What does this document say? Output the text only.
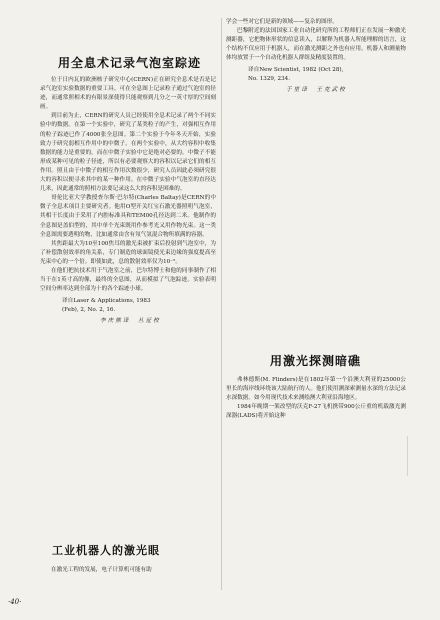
用全息术记录气泡室踪迹

位于日内瓦的欧洲核子研究中心(CERN)正在研究全息术是否是记录气泡室实验数据的重要工具。可在全息图上记录粒子通过气泡室的径迹，而通常照相术的有限景深使得只能观察到几分之一英寸厚的空间刻画。

到目前为止，CERN的研究人员已经使用全息术记录了两个不同实验中的数据。在第一个实验中，研究了某类粒子的产生，对强相互作用的粒子踪迹已作了4000张全息图。第二个实验于今年冬天开始，实验致力于研究弱相互作用中的中微子。在两个实验中，从大约容积中收集数据的能力是重要的，而在中微子实验中它是绝对必要的。中微子不能形成某种可见的粒子径迹，所以有必要观察大的容积以记录它们的相互作用。照且由于中微子的相互作用次数很少，研究人员因此必须研究很大的容积以便寻求其中的某一种作用。在中微子实验中气泡室的直径达几米，因此通常的照相方法要记录这么大的容积是困难的。

哥伦比亚大学教授查尔斯·巴尔特(Charles Baltay)是CERN的中微子全息术项目主要研究者。他用O型开关红宝石激光器照明气泡室，其相干长度由于采用了内腔标准具和TEM00孔径达到二米。他制作的全息图是盖伯型的，其中单个光束既用作参考光又用作物光束。这一类全息图需要透明的物，比如通常由含有氖气氢混合物所填满的容器。

其焦距最大为10至100焦耳的激光束被扩束后投射到气泡室中，为了补偿散射效率的角关系，专门制造的球面镜使光束边缘的强度提高至光束中心的一个倍。即使如此，总的散射效率仅为10⁻⁵。

在他们把抗技术用于气泡室之前，巴尔特博士和他的同事制作了相当于在1英寸高的像，最终的全息图，从而模拟了气泡踪迹。实验表明空间分辨率达到全部为十的各个踪迹小球。

译自Laser & Applications, 1983
(Feb), 2, No. 2, 16.
李庆熊译　丛征校
工业机器人的激光眼

在激光工程的发展，电子计算机可能有助

学会一些对它们是新的领域——复杂的图形。

巴黎附近的法国国家工业自动化研究所的工程师们正在发展一种激光测距器，它把物体形状的信息读入，以解释为机器人所能理解的语言，这个结构不仅应用于机器人，而在激光测距之外也有应用。机器人和测量物体均放置于一个自动化机器人群组及精度装置的。

译自New Scientist, 1982 (Oct 28),
No. 1329, 234.
于里译　王克武校
用激光探测暗礁

弗林德斯(M. Flinders)是在1802年第一个沿澳大利亚的25000公里长的海岸线环绕该大陆航行的人。他们使用测深索测量水深的方法记录水深数据。如今用现代技术来测绘澳大利亚沿海地区。

1984年晚期一架改型的沃克F-27飞机携带900公斤重的机载激光测深器(LADS)将开始这种

·40·
